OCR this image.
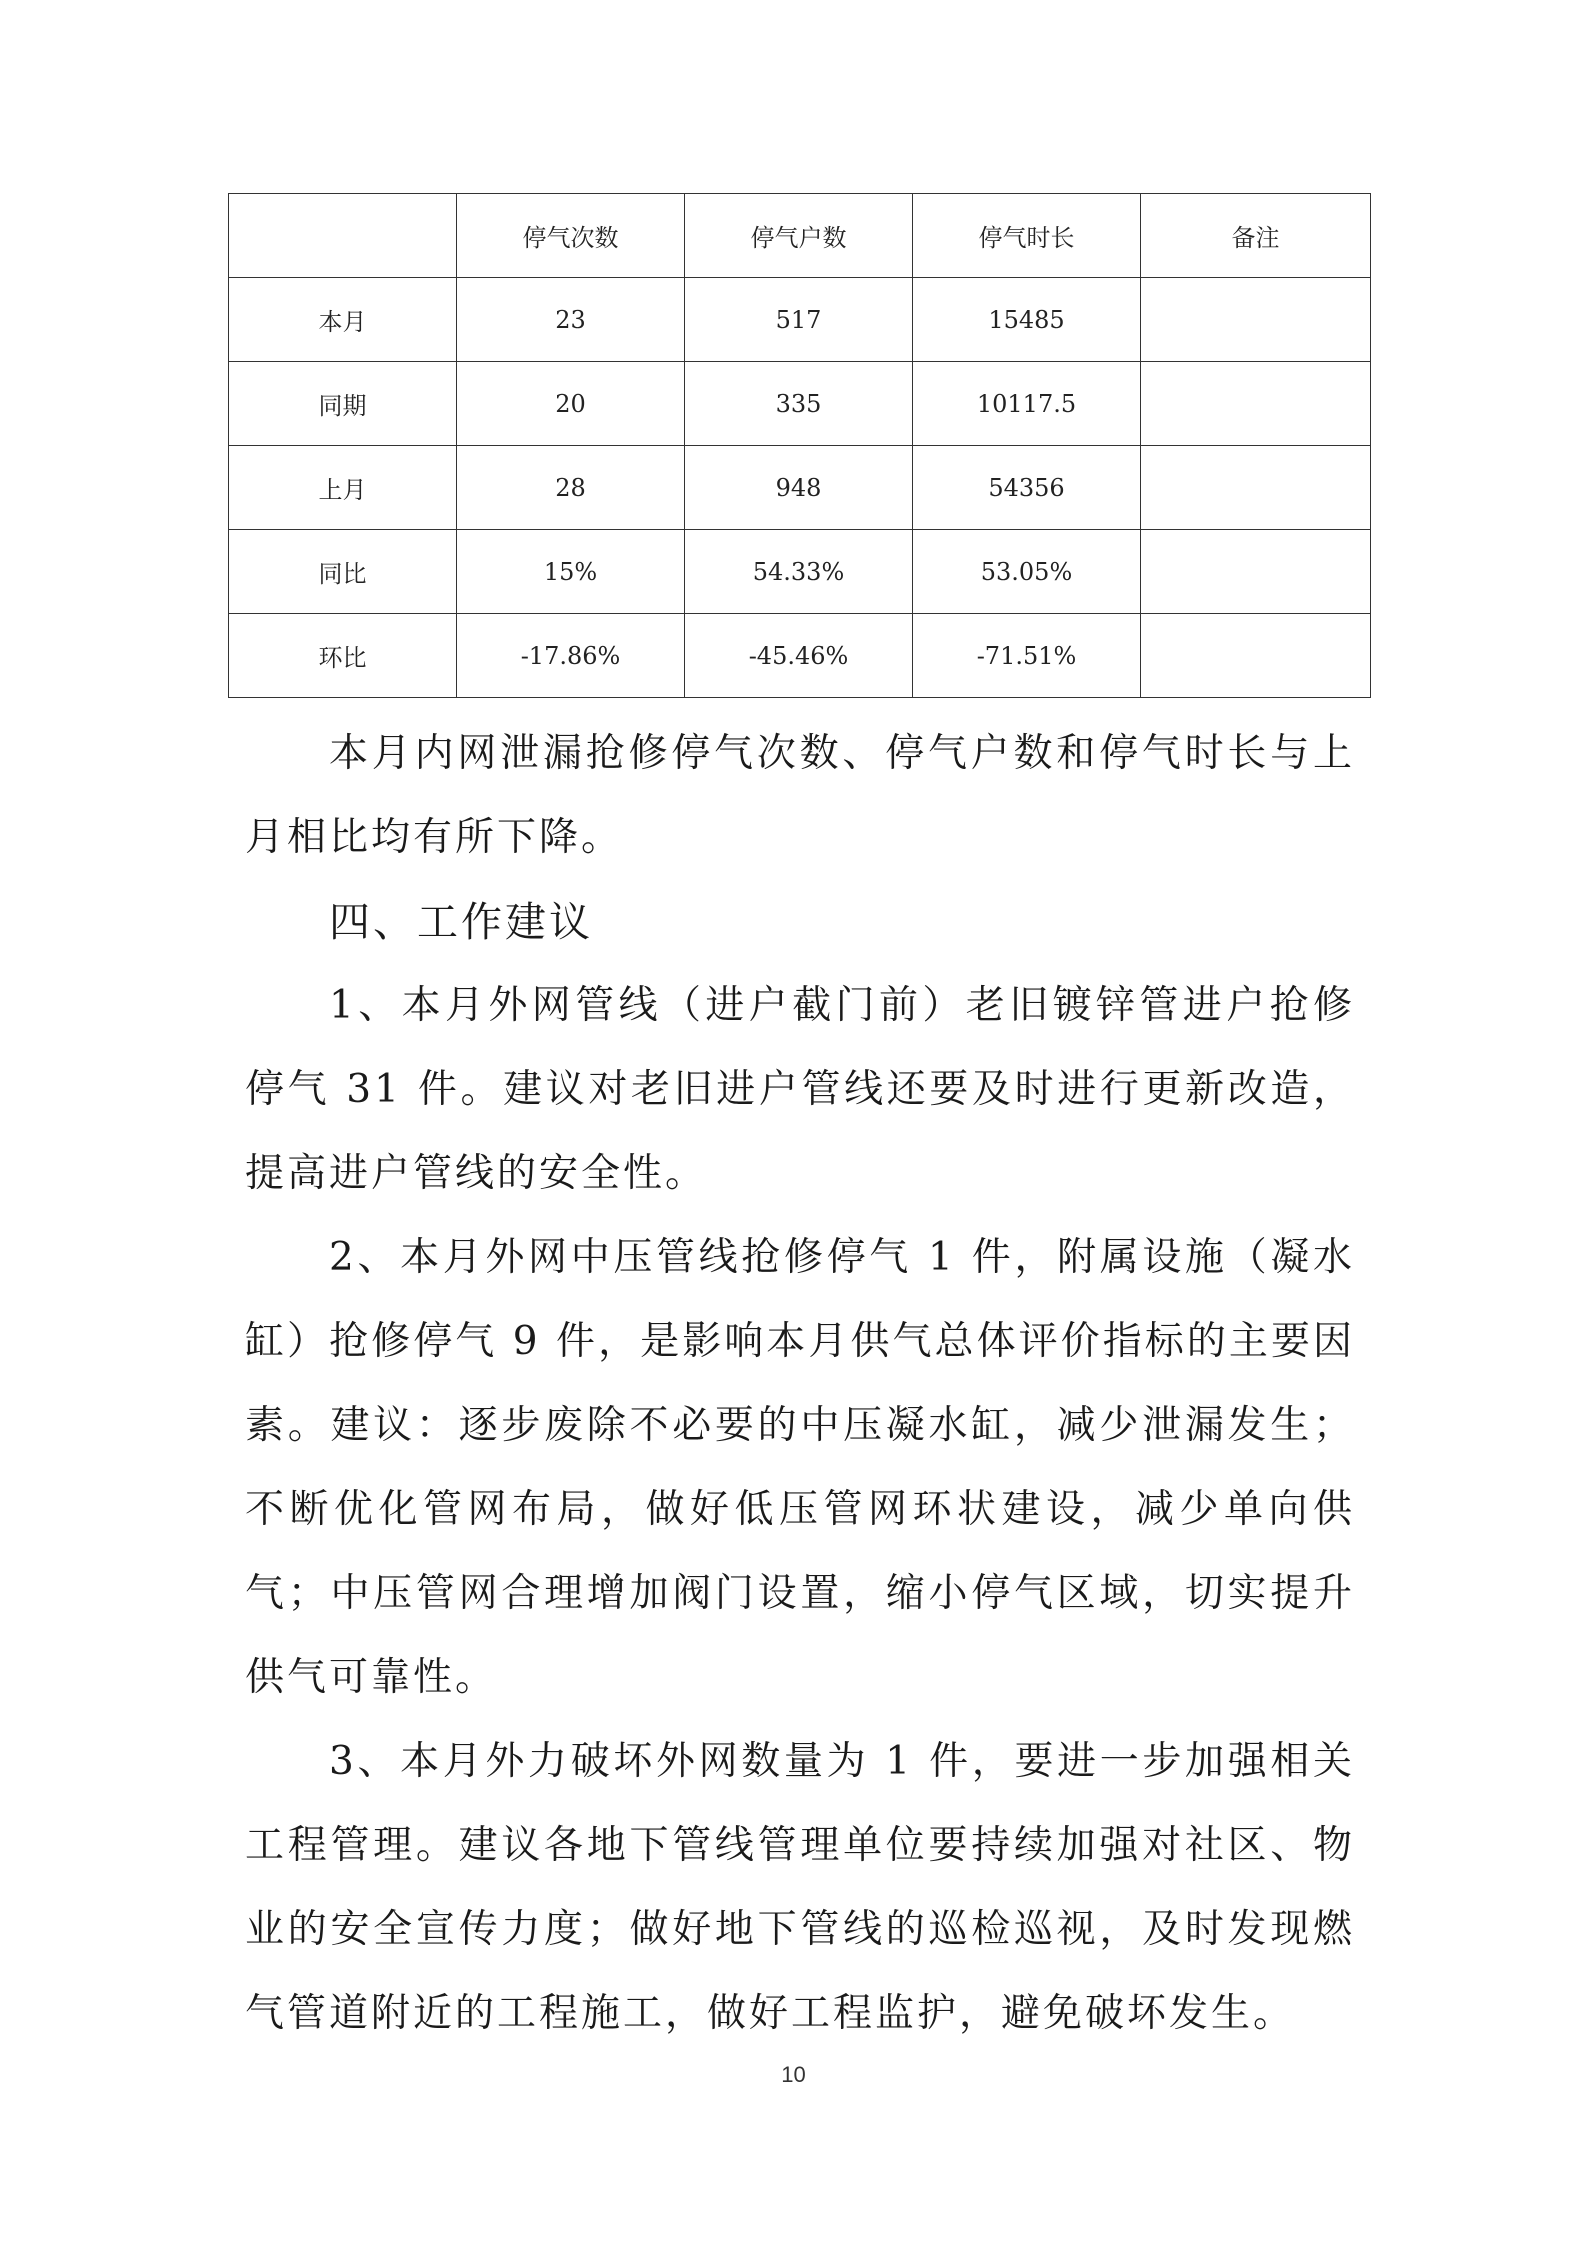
	停气次数	停气户数	停气时长	备注
本月	23	517	15485	
同期	20	335	10117.5	
上月	28	948	54356	
同比	15%	54.33%	53.05%	
环比	-17.86%	-45.46%	-71.51%	

本月内网泄漏抢修停气次数、停气户数和停气时长与上月相比均有所下降。

四、工作建议

1、本月外网管线（进户截门前）老旧镀锌管进户抢修停气 31 件。建议对老旧进户管线还要及时进行更新改造，提高进户管线的安全性。

2、本月外网中压管线抢修停气 1 件，附属设施（凝水缸）抢修停气 9 件，是影响本月供气总体评价指标的主要因素。建议：逐步废除不必要的中压凝水缸，减少泄漏发生；不断优化管网布局，做好低压管网环状建设，减少单向供气；中压管网合理增加阀门设置，缩小停气区域，切实提升供气可靠性。

3、本月外力破坏外网数量为 1 件，要进一步加强相关工程管理。建议各地下管线管理单位要持续加强对社区、物业的安全宣传力度；做好地下管线的巡检巡视，及时发现燃气管道附近的工程施工，做好工程监护，避免破坏发生。

10
